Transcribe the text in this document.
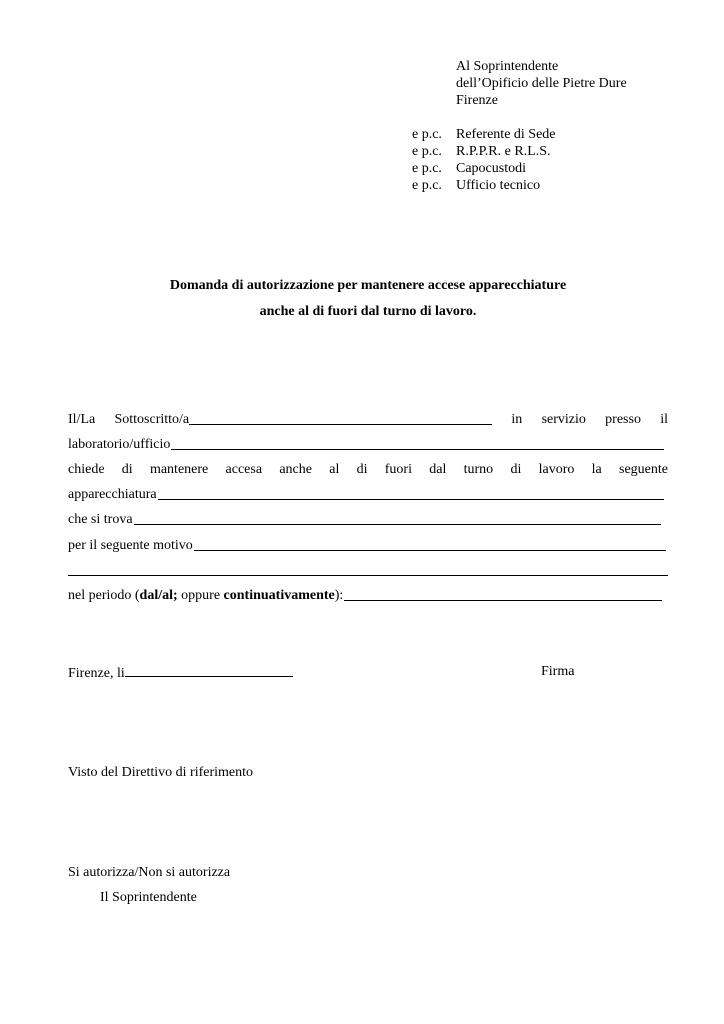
Al Soprintendente
dell’Opificio delle Pietre Dure
Firenze
e p.c.	Referente di Sede
e p.c.	R.P.P.R. e R.L.S.
e p.c.	Capocustodi
e p.c.	Ufficio tecnico
Domanda di autorizzazione per mantenere accese apparecchiature
anche al di fuori dal turno di lavoro.
Il/La Sottoscritto/a	in servizio presso il
laboratorio/ufficio
chiede di mantenere accesa anche al di fuori dal turno di lavoro la seguente
apparecchiatura
che si trova
per il seguente motivo
nel periodo (dal/al; oppure continuativamente):
Firenze, li	Firma
Visto del Direttivo di riferimento
Si autorizza/Non si autorizza
Il Soprintendente
